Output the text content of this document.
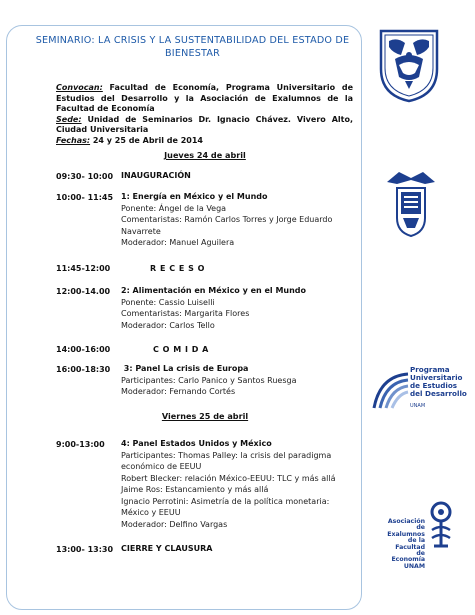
SEMINARIO: LA CRISIS Y LA SUSTENTABILIDAD DEL ESTADO DE BIENESTAR
Convocan: Facultad de Economía, Programa Universitario de Estudios del Desarrollo y la Asociación de Exalumnos de la Facultad de Economía
Sede: Unidad de Seminarios Dr. Ignacio Chávez. Vivero Alto, Ciudad Universitaria
Fechas: 24 y 25 de Abril de 2014
Jueves 24 de abril
09:30- 10:00 INAUGURACIÓN
10:00- 11:45 1: Energía en México y el Mundo
Ponente: Ángel de la Vega
Comentaristas: Ramón Carlos Torres y Jorge Eduardo Navarrete
Moderador: Manuel Aguilera
11:45-12:00	R E C E S O
12:00-14.00 2: Alimentación en México y en el Mundo
Ponente: Cassio Luiselli
Comentaristas: Margarita Flores
Moderador: Carlos Tello
14:00-16:00	C O M I D A
16:00-18:30 3: Panel La crisis de Europa
Participantes: Carlo Panico y Santos Ruesga
Moderador: Fernando Cortés
Viernes 25 de abril
9:00-13:00 4: Panel Estados Unidos y México
Participantes: Thomas Palley: la crisis del paradigma económico de EEUU
Robert Blecker: relación México-EEUU: TLC y más allá
Jaime Ros: Estancamiento y más allá
Ignacio Perrotini: Asimetría de la política monetaria: México y EEUU
Moderador: Delfino Vargas
13:00- 13:30 CIERRE Y CLAUSURA
Programa
Universitario
de Estudios
del Desarrollo
UNAM
Asociación
de Exalumnos
de la Facultad
de Economía
UNAM
